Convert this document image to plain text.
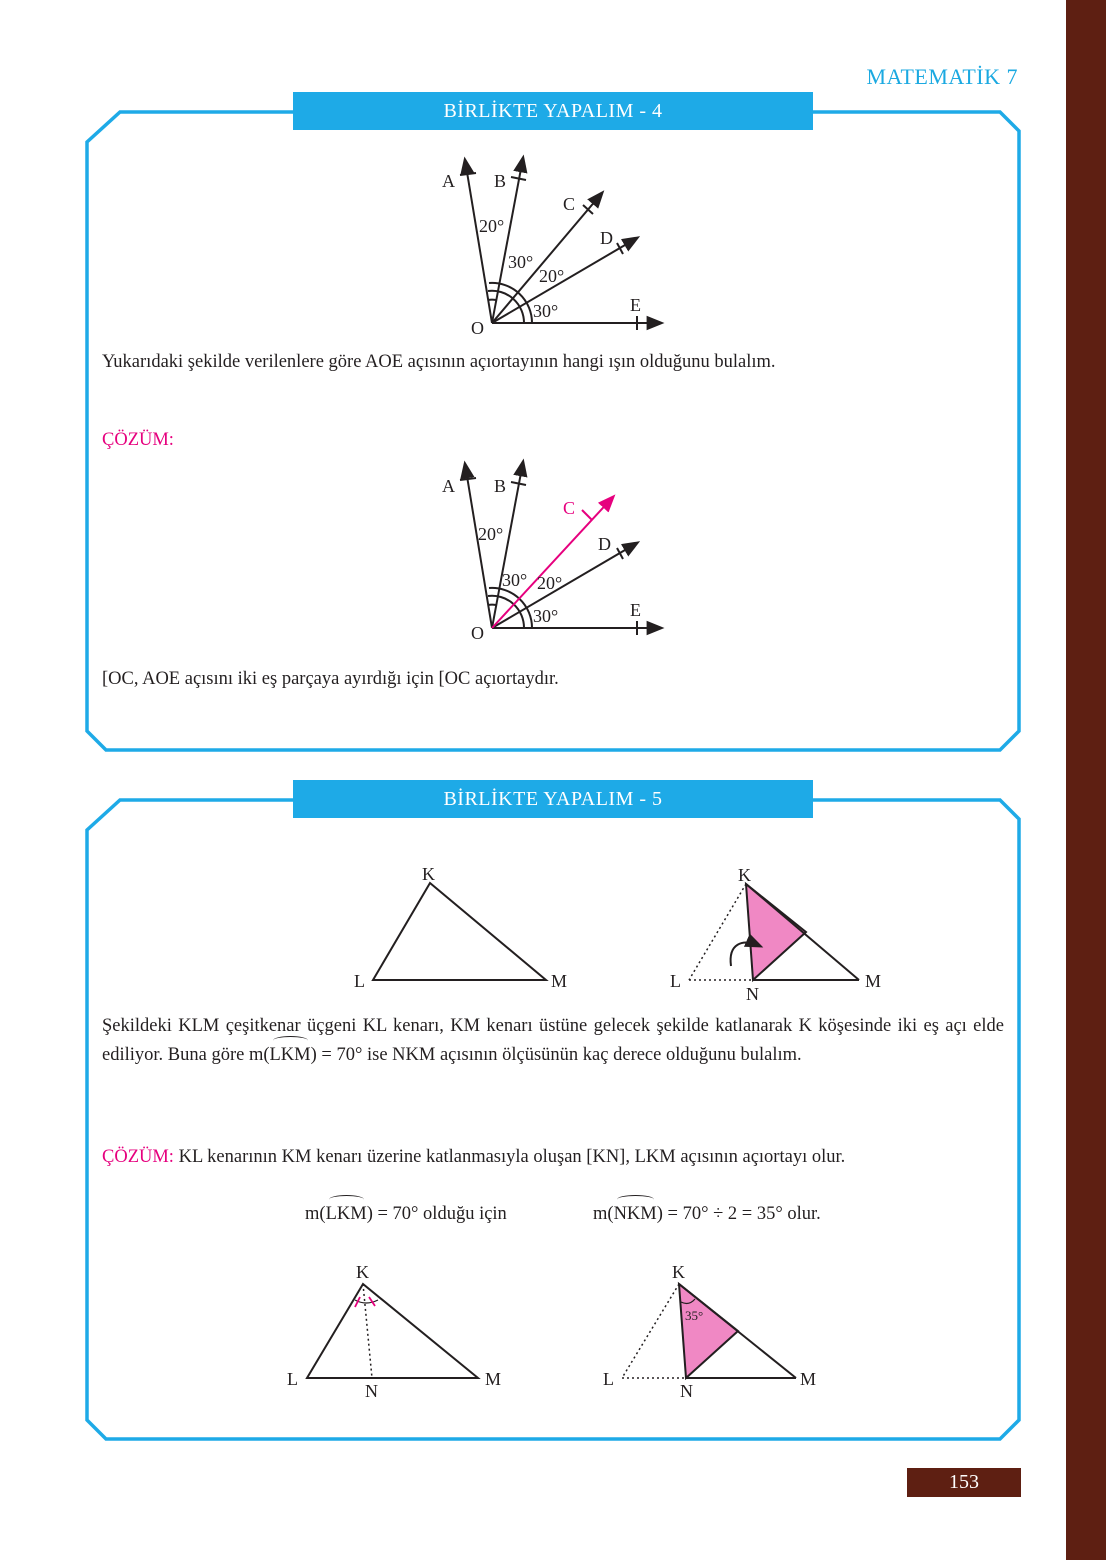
MATEMATİK 7
BİRLİKTE YAPALIM - 4
A B
C
D
E
O
20°
30°
20°
30°
Yukarıdaki şekilde verilenlere göre AOE açısının açıortayının hangi ışın olduğunu bulalım.
ÇÖZÜM:
A B
C
D
E
O
20°
30° 20°
30°
[OC, AOE açısını iki eş parçaya ayırdığı için [OC açıortaydır.
BİRLİKTE YAPALIM - 5
K
L	M
K
L	M
N
Şekildeki KLM çeşitkenar üçgeni KL kenarı, KM kenarı üstüne gelecek şekilde katlanarak K köşesinde iki eş açı elde ediliyor. Buna göre m(LKM) = 70° ise NKM açısının ölçüsünün kaç derece olduğunu bulalım.
ÇÖZÜM: KL kenarının KM kenarı üzerine katlanmasıyla oluşan [KN], LKM açısının açıortayı olur.
m(LKM) = 70° olduğu için	m(NKM) = 70° ÷ 2 = 35° olur.
K
L	M
N
K
L	M
N
35°
153
